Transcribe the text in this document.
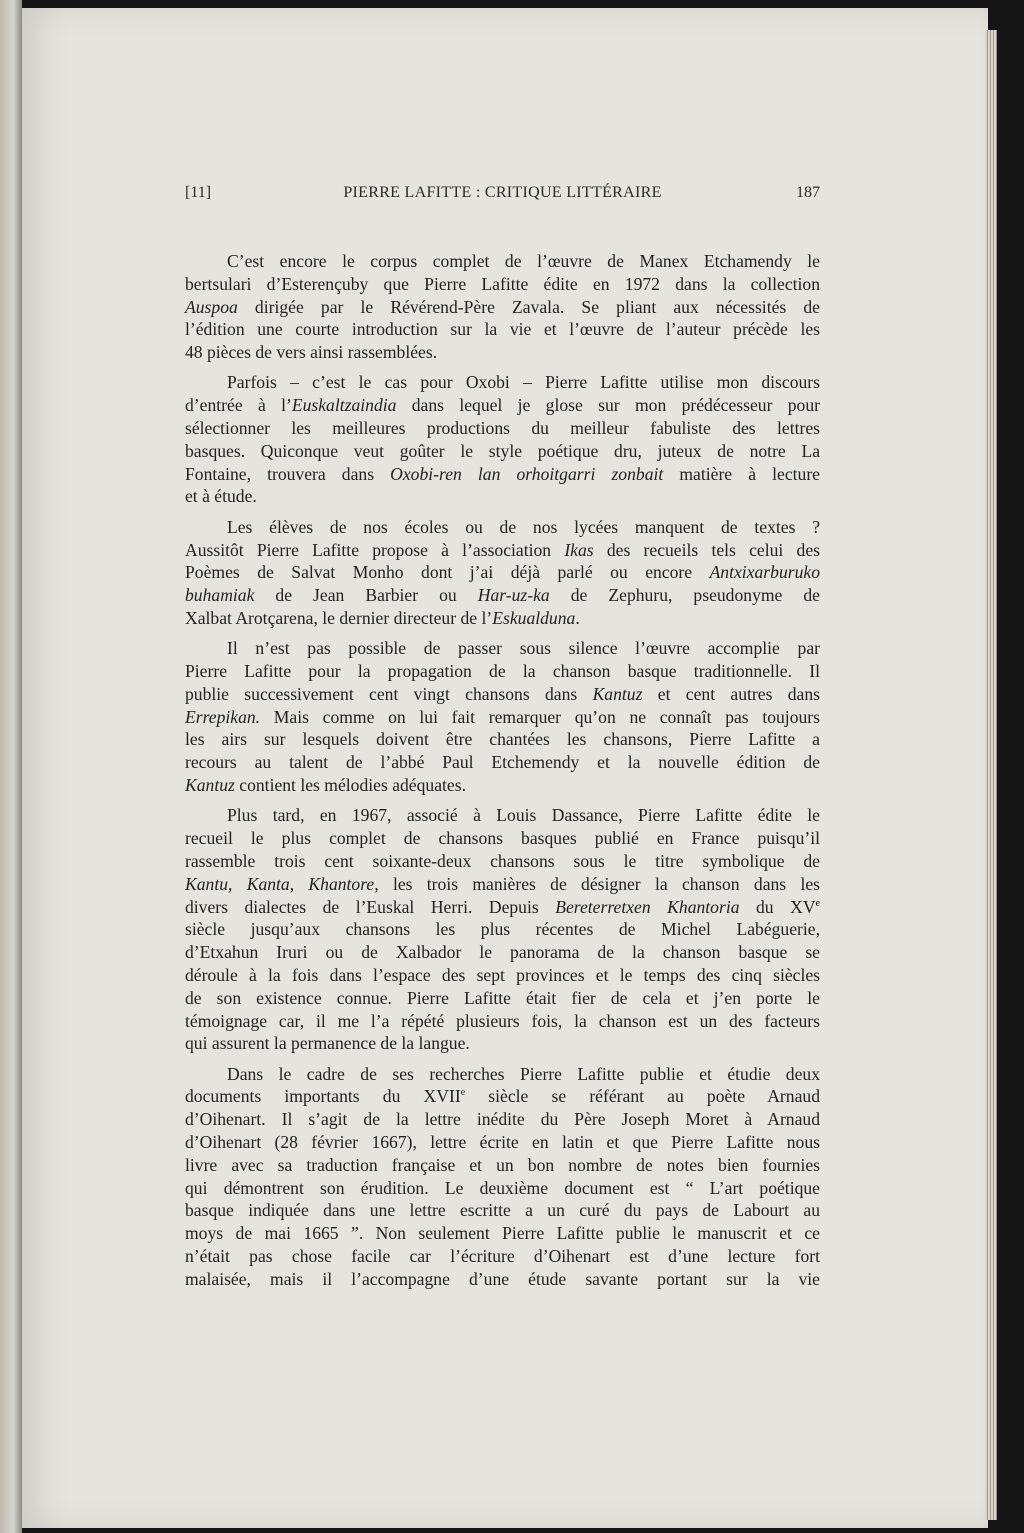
[11]	PIERRE LAFITTE : CRITIQUE LITTÉRAIRE	187
C’est encore le corpus complet de l’œuvre de Manex Etchamendy le
bertsulari d’Esterençuby que Pierre Lafitte édite en 1972 dans la collection
Auspoa dirigée par le Révérend-Père Zavala. Se pliant aux nécessités de
l’édition une courte introduction sur la vie et l’œuvre de l’auteur précède les
48 pièces de vers ainsi rassemblées.
Parfois – c’est le cas pour Oxobi – Pierre Lafitte utilise mon discours
d’entrée à l’Euskaltzaindia dans lequel je glose sur mon prédécesseur pour
sélectionner les meilleures productions du meilleur fabuliste des lettres
basques. Quiconque veut goûter le style poétique dru, juteux de notre La
Fontaine, trouvera dans Oxobi-ren lan orhoitgarri zonbait matière à lecture
et à étude.
Les élèves de nos écoles ou de nos lycées manquent de textes ?
Aussitôt Pierre Lafitte propose à l’association Ikas des recueils tels celui des
Poèmes de Salvat Monho dont j’ai déjà parlé ou encore Antxixarburuko
buhamiak de Jean Barbier ou Har-uz-ka de Zephuru, pseudonyme de
Xalbat Arotçarena, le dernier directeur de l’Eskualduna.
Il n’est pas possible de passer sous silence l’œuvre accomplie par
Pierre Lafitte pour la propagation de la chanson basque traditionnelle. Il
publie successivement cent vingt chansons dans Kantuz et cent autres dans
Errepikan. Mais comme on lui fait remarquer qu’on ne connaît pas toujours
les airs sur lesquels doivent être chantées les chansons, Pierre Lafitte a
recours au talent de l’abbé Paul Etchemendy et la nouvelle édition de
Kantuz contient les mélodies adéquates.
Plus tard, en 1967, associé à Louis Dassance, Pierre Lafitte édite le
recueil le plus complet de chansons basques publié en France puisqu’il
rassemble trois cent soixante-deux chansons sous le titre symbolique de
Kantu, Kanta, Khantore, les trois manières de désigner la chanson dans les
divers dialectes de l’Euskal Herri. Depuis Bereterretxen Khantoria du XVe
siècle jusqu’aux chansons les plus récentes de Michel Labéguerie,
d’Etxahun Iruri ou de Xalbador le panorama de la chanson basque se
déroule à la fois dans l’espace des sept provinces et le temps des cinq siècles
de son existence connue. Pierre Lafitte était fier de cela et j’en porte le
témoignage car, il me l’a répété plusieurs fois, la chanson est un des facteurs
qui assurent la permanence de la langue.
Dans le cadre de ses recherches Pierre Lafitte publie et étudie deux
documents importants du XVIIe siècle se référant au poète Arnaud
d’Oihenart. Il s’agit de la lettre inédite du Père Joseph Moret à Arnaud
d’Oihenart (28 février 1667), lettre écrite en latin et que Pierre Lafitte nous
livre avec sa traduction française et un bon nombre de notes bien fournies
qui démontrent son érudition. Le deuxième document est “ L’art poétique
basque indiquée dans une lettre escritte a un curé du pays de Labourt au
moys de mai 1665 ”. Non seulement Pierre Lafitte publie le manuscrit et ce
n’était pas chose facile car l’écriture d’Oihenart est d’une lecture fort
malaisée, mais il l’accompagne d’une étude savante portant sur la vie
